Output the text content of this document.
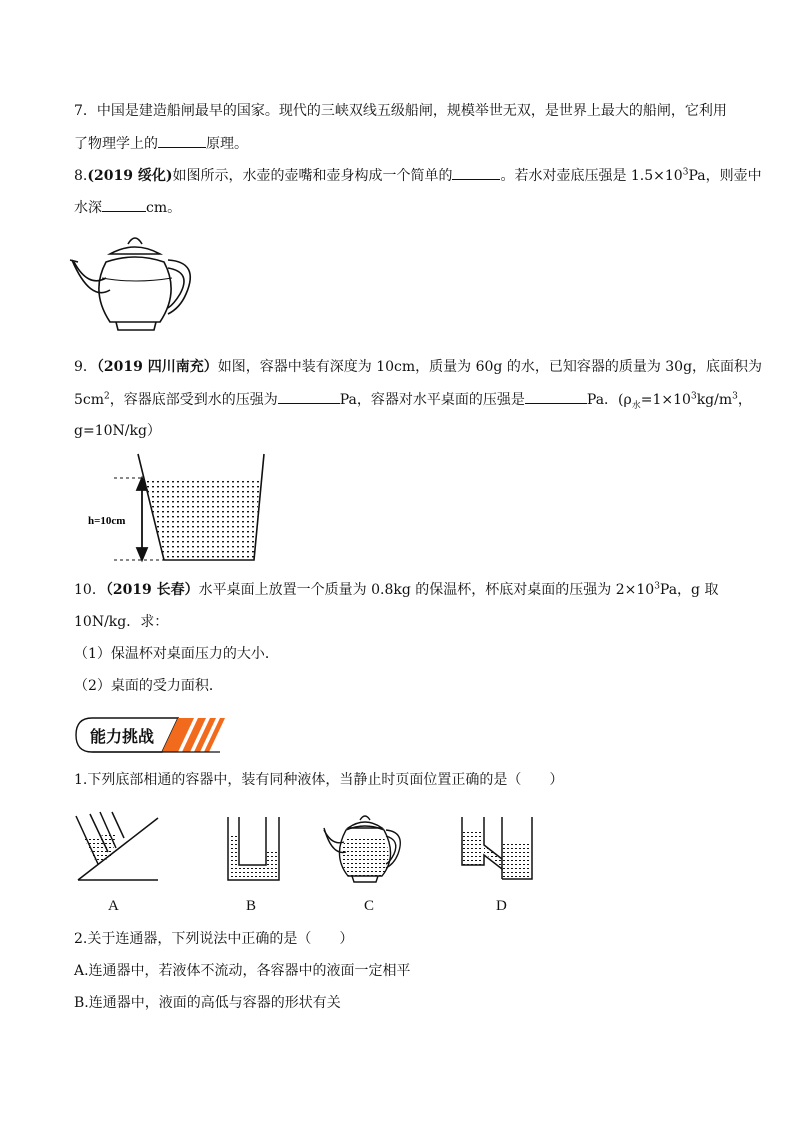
7．中国是建造船闸最早的国家。现代的三峡双线五级船闸，规模举世无双，是世界上最大的船闸，它利用
了物理学上的	原理。
8.(2019 绥化)如图所示，水壶的壶嘴和壶身构成一个简单的	。若水对壶底压强是 $1.5\times 10^3Pa$，则壶中
水深	cm。
9．（2019 四川南充）如图，容器中装有深度为 10cm，质量为 60g 的水，已知容器的质量为 30g，底面积为
$5cm^2$，容器底部受到水的压强为	Pa，容器对水平桌面的压强是	Pa．($\rho_水=1\times 10^3kg/m^3$，
g=10N/kg）
h=10cm
10．（2019 长春）水平桌面上放置一个质量为 0.8kg 的保温杯，杯底对桌面的压强为 $2\times 10^3Pa$，g 取
10N/kg．求：
（1）保温杯对桌面压力的大小．
（2）桌面的受力面积．
能力挑战
1.下列底部相通的容器中，装有同种液体，当静止时页面位置正确的是（　　）
A	B	C	D
2.关于连通器，下列说法中正确的是（　　）
A.连通器中，若液体不流动，各容器中的液面一定相平
B.连通器中，液面的高低与容器的形状有关
